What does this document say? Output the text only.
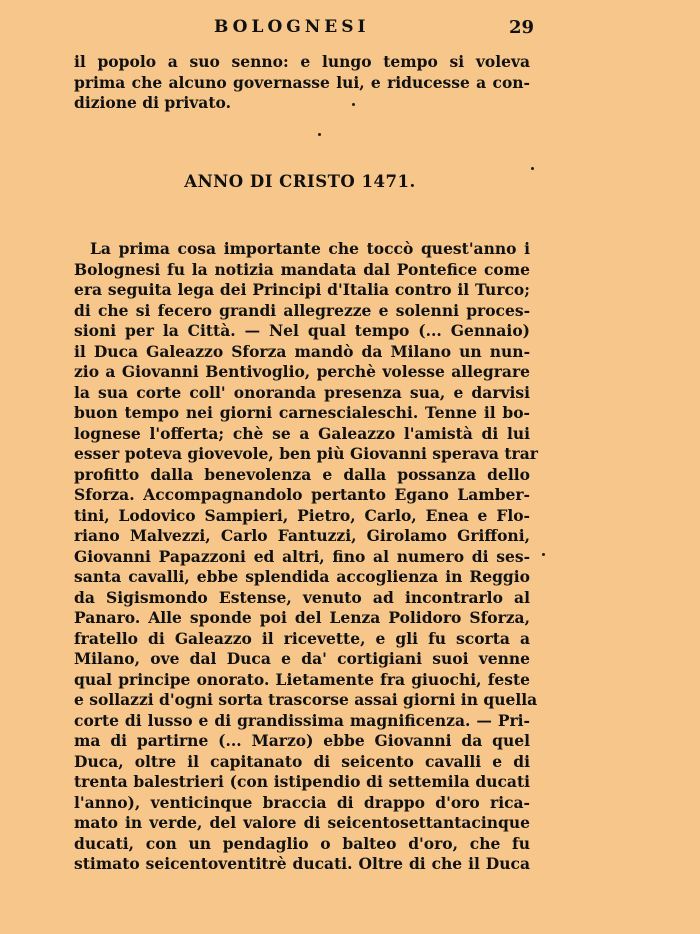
BOLOGNESI	29
il popolo a suo senno: e lungo tempo si voleva
prima che alcuno governasse lui, e riducesse a con-
dizione di privato.
ANNO DI CRISTO 1471.
La prima cosa importante che toccò quest'anno i
Bolognesi fu la notizia mandata dal Pontefice come
era seguita lega dei Principi d'Italia contro il Turco;
di che si fecero grandi allegrezze e solenni proces-
sioni per la Città. — Nel qual tempo (... Gennaio)
il Duca Galeazzo Sforza mandò da Milano un nun-
zio a Giovanni Bentivoglio, perchè volesse allegrare
la sua corte coll' onoranda presenza sua, e darvisi
buon tempo nei giorni carnescialeschi. Tenne il bo-
lognese l'offerta; chè se a Galeazzo l'amistà di lui
esser poteva giovevole, ben più Giovanni sperava trar
profitto dalla benevolenza e dalla possanza dello
Sforza. Accompagnandolo pertanto Egano Lamber-
tini, Lodovico Sampieri, Pietro, Carlo, Enea e Flo-
riano Malvezzi, Carlo Fantuzzi, Girolamo Griffoni,
Giovanni Papazzoni ed altri, fino al numero di ses-
santa cavalli, ebbe splendida accoglienza in Reggio
da Sigismondo Estense, venuto ad incontrarlo al
Panaro. Alle sponde poi del Lenza Polidoro Sforza,
fratello di Galeazzo il ricevette, e gli fu scorta a
Milano, ove dal Duca e da' cortigiani suoi venne
qual principe onorato. Lietamente fra giuochi, feste
e sollazzi d'ogni sorta trascorse assai giorni in quella
corte di lusso e di grandissima magnificenza. — Pri-
ma di partirne (... Marzo) ebbe Giovanni da quel
Duca, oltre il capitanato di seicento cavalli e di
trenta balestrieri (con istipendio di settemila ducati
l'anno), venticinque braccia di drappo d'oro rica-
mato in verde, del valore di seicentosettantacinque
ducati, con un pendaglio o balteo d'oro, che fu
stimato seicentoventitrè ducati. Oltre di che il Duca
